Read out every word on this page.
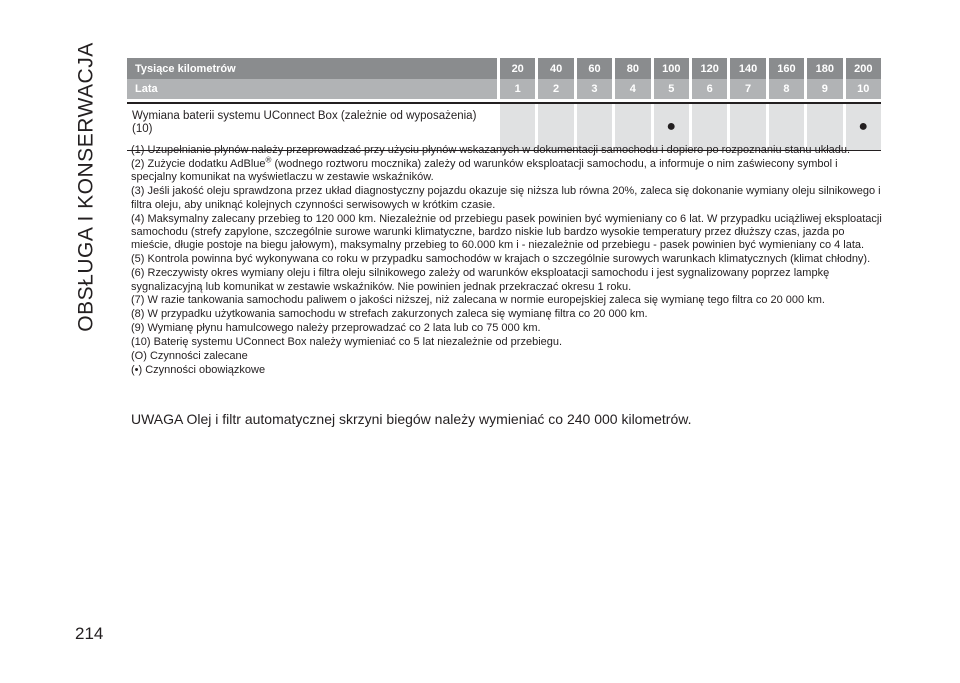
OBSŁUGA I KONSERWACJA	Tysiące kilometrów	20	40	60	80	100	120	140	160	180	200
Lata	1	2	3	4	5	6	7	8	9	10

Wymiana baterii systemu UConnect Box (zależnie od wyposażenia)
(10)					●					●

(1) Uzupełnianie płynów należy przeprowadzać przy użyciu płynów wskazanych w dokumentacji samochodu i dopiero po rozpoznaniu stanu układu.

(2) Zużycie dodatku AdBlue® (wodnego roztworu mocznika) zależy od warunków eksploatacji samochodu, a informuje o nim zaświecony symbol i specjalny komunikat na wyświetlaczu w zestawie wskaźników.

(3) Jeśli jakość oleju sprawdzona przez układ diagnostyczny pojazdu okazuje się niższa lub równa 20%, zaleca się dokonanie wymiany oleju silnikowego i filtra oleju, aby uniknąć kolejnych czynności serwisowych w krótkim czasie.

(4) Maksymalny zalecany przebieg to 120 000 km. Niezależnie od przebiegu pasek powinien być wymieniany co 6 lat. W przypadku uciążliwej eksploatacji samochodu (strefy zapylone, szczególnie surowe warunki klimatyczne, bardzo niskie lub bardzo wysokie temperatury przez dłuższy czas, jazda po mieście, długie postoje na biegu jałowym), maksymalny przebieg to 60.000 km i - niezależnie od przebiegu - pasek powinien być wymieniany co 4 lata.

(5) Kontrola powinna być wykonywana co roku w przypadku samochodów w krajach o szczególnie surowych warunkach klimatycznych (klimat chłodny).

(6) Rzeczywisty okres wymiany oleju i filtra oleju silnikowego zależy od warunków eksploatacji samochodu i jest sygnalizowany poprzez lampkę sygnalizacyjną lub komunikat w zestawie wskaźników. Nie powinien jednak przekraczać okresu 1 roku.

(7) W razie tankowania samochodu paliwem o jakości niższej, niż zalecana w normie europejskiej zaleca się wymianę tego filtra co 20 000 km.

(8) W przypadku użytkowania samochodu w strefach zakurzonych zaleca się wymianę filtra co 20 000 km.

(9) Wymianę płynu hamulcowego należy przeprowadzać co 2 lata lub co 75 000 km.

(10) Baterię systemu UConnect Box należy wymieniać co 5 lat niezależnie od przebiegu.

(O) Czynności zalecane

(•) Czynności obowiązkowe

UWAGA Olej i filtr automatycznej skrzyni biegów należy wymieniać co 240 000 kilometrów.
214
